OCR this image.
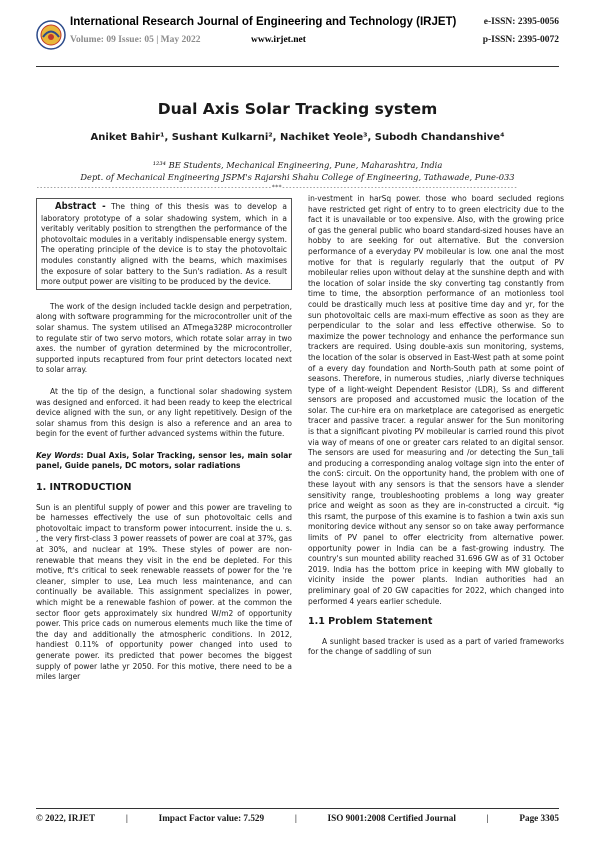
International Research Journal of Engineering and Technology (IRJET)
Volume: 09 Issue: 05 | May 2022	www.irjet.net
e-ISSN: 2395-0056
p-ISSN: 2395-0072
Dual Axis Solar Tracking system
Aniket Bahir¹, Sushant Kulkarni², Nachiket Yeole³, Subodh Chandanshive⁴
¹²³⁴ BE Students, Mechanical Engineering, Pune, Maharashtra, India
Dept. of Mechanical Engineering JSPM's Rajarshi Shahu College of Engineering, Tathawade, Pune-033
---------------------------------------------------------------------***---------------------------------------------------------------------

Abstract - The thing of this thesis was to develop a laboratory prototype of a solar shadowing system, which in a veritably veritably position to strengthen the performance of the photovoltaic modules in a veritably indispensable energy system. The operating principle of the device is to stay the photovoltaic modules constantly aligned with the beams, which maximises the exposure of solar battery to the Sun's radiation. As a result more output power are visiting to be produced by the device.

The work of the design included tackle design and perpetration, along with software programming for the microcontroller unit of the solar shamus. The system utilised an ATmega328P microcontroller to regulate stir of two servo motors, which rotate solar array in two axes. the number of gyration determined by the microcontroller, supported inputs recaptured from four print detectors located next to solar array.

At the tip of the design, a functional solar shadowing system was designed and enforced. it had been ready to keep the electrical device aligned with the sun, or any light repetitively. Design of the solar shamus from this design is also a reference and an area to begin for the event of further advanced systems within the future.

Key Words: Dual Axis, Solar Tracking, sensor les, main solar panel, Guide panels, DC motors, solar radiations
1. INTRODUCTION

Sun is an plentiful supply of power and this power are traveling to be harnesses effectively the use of sun photovoltaic cells and photovoltaic impact to transform power intocurrent. inside the u. s. , the very first-class 3 power reassets of power are coal at 37%, gas at 30%, and nuclear at 19%. These styles of power are non-renewable that means they visit in the end be depleted. For this motive, ft's critical to seek renewable reassets of power for the 're cleaner, simpler to use, Lea much less maintenance, and can continually be available. This assignment specializes in power, which might be a renewable fashion of power. at the common the sector floor gets approximately six hundred W/m2 of opportunity power. This price cads on numerous elements much like the time of the day and additionally the atmospheric conditions. In 2012, handiest 0.11% of opportunity power changed into used to generate power. its predicted that power becomes the biggest supply of power lathe yr 2050. For this motive, there need to be a miles larger

in-vestment in harSq power. those who board secluded regions have restricted get right of entry to to green electricity due to the fact it is unavailable or too expensive. Also, with the growing price of gas the general public who board standard-sized houses have an hobby to are seeking for out alternative. But the conversion performance of a everyday PV mobileular is low. one anal the most motive for that is regularly regularly that the output of PV mobileular relies upon without delay at the sunshine depth and with the location of solar inside the sky converting tag constantly from time to time, the absorption performance of an motionless tool could be drastically much less at positive time day and yr, for the sun photovoltaic cells are maxi-mum effective as soon as they are perpendicular to the solar and less effective otherwise. So to maximize the power technology and enhance the performance sun trackers are required. Using double-axis sun monitoring, systems, the location of the solar is observed in East-West path at some point of a every day foundation and North-South path at some point of seasons. Therefore, in numerous studies, ,niarly diverse techniques type of a light-weight Dependent Resistor (LDR), Ss and different sensors are proposed and accustomed music the location of the solar. The cur-hire era on marketplace are categorised as energetic tracer and passive tracer. a regular answer for the Sun monitoring is that a significant pivoting PV mobileular is carried round this pivot via way of means of one or greater cars related to an digital sensor. The sensors are used for measuring and /or detecting the Sun_tali and producing a corresponding analog voltage sign into the enter of the conS: circuit. On the opportunity hand, the problem with one of these layout with any sensors is that the sensors have a slender sensitivity range, troubleshooting problems a long way greater price and weight as soon as they are in-constructed a circuit. *ig this rsamt, the purpose of this examine is to fashion a twin axis sun monitoring device without any sensor so on take away performance limits of PV panel to offer electricity from alternative power. opportunity power in India can be a fast-growing industry. The country's sun mounted ability reached 31.696 GW as of 31 October 2019. India has the bottom price in keeping with MW globally to vicinity inside the power plants. Indian authorities had an preliminary goal of 20 GW capacities for 2022, which changed into performed 4 years earlier schedule.

1.1 Problem Statement

A sunlight based tracker is used as a part of varied frameworks for the change of saddling of sun

© 2022, IRJET	|	Impact Factor value: 7.529	|	ISO 9001:2008 Certified Journal	|	Page 3305
